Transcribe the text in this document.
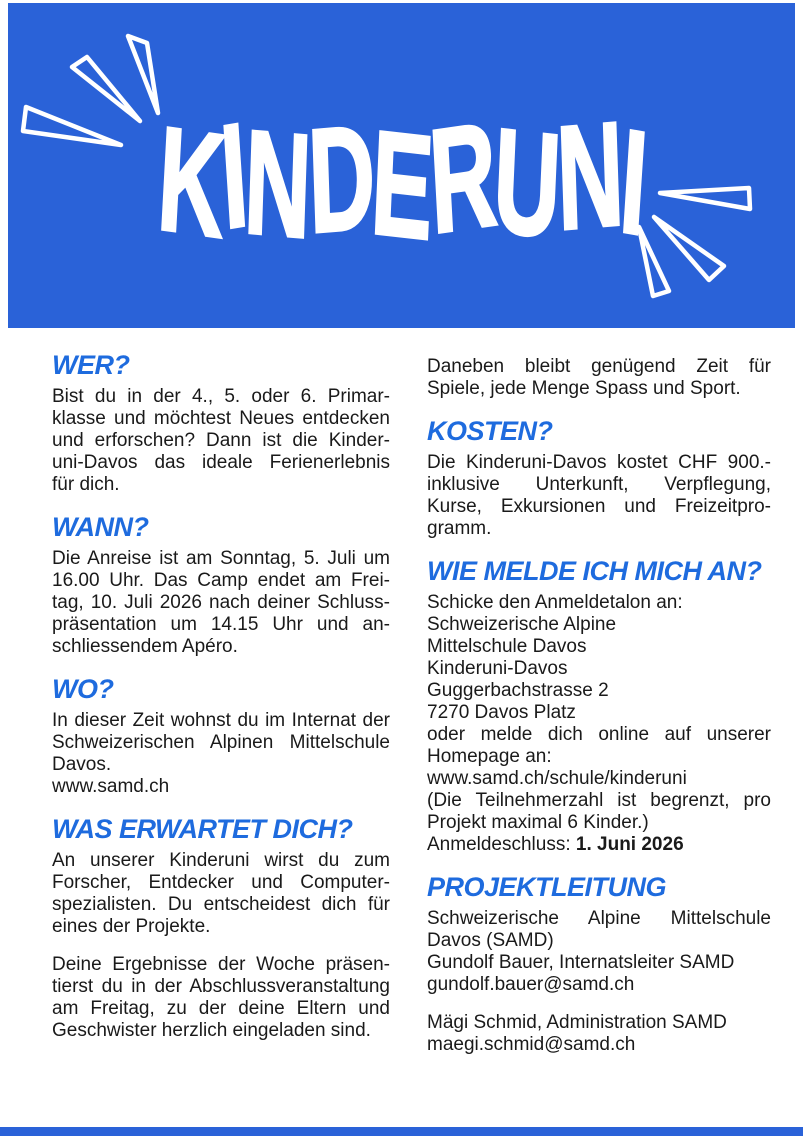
KINDERUNI
WER?
Bist du in der 4., 5. oder 6. Primar-
klasse und möchtest Neues entdecken
und erforschen? Dann ist die Kinder-
uni-Davos das ideale Ferienerlebnis
für dich.
WANN?
Die Anreise ist am Sonntag, 5. Juli um
16.00 Uhr. Das Camp endet am Frei-
tag, 10. Juli 2026 nach deiner Schluss-
präsentation um 14.15 Uhr und an-
schliessendem Apéro.
WO?
In dieser Zeit wohnst du im Internat der
Schweizerischen Alpinen Mittelschule
Davos.
www.samd.ch
WAS ERWARTET DICH?
An unserer Kinderuni wirst du zum
Forscher, Entdecker und Computer-
spezialisten. Du entscheidest dich für
eines der Projekte.
Deine Ergebnisse der Woche präsen-
tierst du in der Abschlussveranstaltung
am Freitag, zu der deine Eltern und
Geschwister herzlich eingeladen sind.
Daneben bleibt genügend Zeit für
Spiele, jede Menge Spass und Sport.
KOSTEN?
Die Kinderuni-Davos kostet CHF 900.-
inklusive Unterkunft, Verpflegung,
Kurse, Exkursionen und Freizeitpro-
gramm.
WIE MELDE ICH MICH AN?
Schicke den Anmeldetalon an:
Schweizerische Alpine
Mittelschule Davos
Kinderuni-Davos
Guggerbachstrasse 2
7270 Davos Platz
oder melde dich online auf unserer
Homepage an:
www.samd.ch/schule/kinderuni
(Die Teilnehmerzahl ist begrenzt, pro
Projekt maximal 6 Kinder.)
Anmeldeschluss: 1. Juni 2026
PROJEKTLEITUNG
Schweizerische Alpine Mittelschule
Davos (SAMD)
Gundolf Bauer, Internatsleiter SAMD
gundolf.bauer@samd.ch
Mägi Schmid, Administration SAMD
maegi.schmid@samd.ch
